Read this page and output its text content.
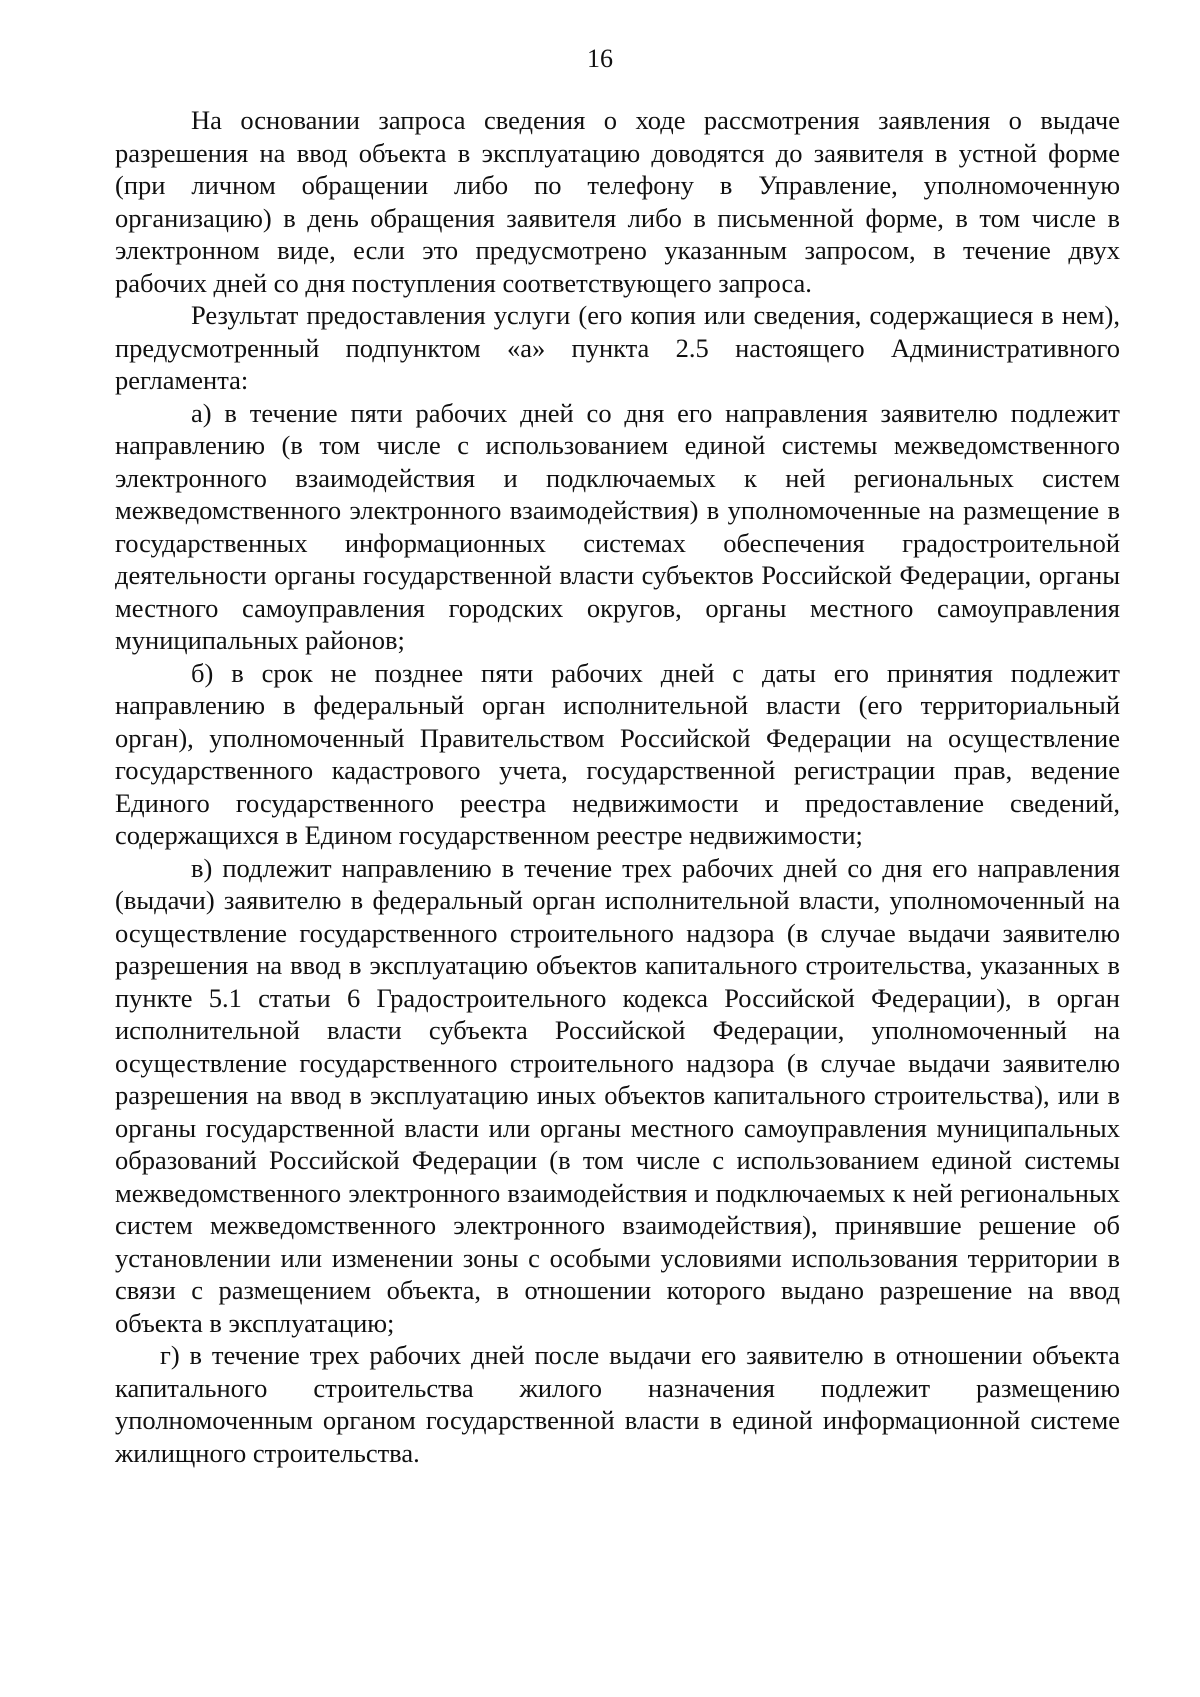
16

На основании запроса сведения о ходе рассмотрения заявления о выдаче разрешения на ввод объекта в эксплуатацию доводятся до заявителя в устной форме (при личном обращении либо по телефону в Управление, уполномоченную организацию) в день обращения заявителя либо в письменной форме, в том числе в электронном виде, если это предусмотрено указанным запросом, в течение двух рабочих дней со дня поступления соответствующего запроса.

Результат предоставления услуги (его копия или сведения, содержащиеся в нем), предусмотренный подпунктом «а» пункта 2.5 настоящего Административного регламента:

а) в течение пяти рабочих дней со дня его направления заявителю подлежит направлению (в том числе с использованием единой системы межведомственного электронного взаимодействия и подключаемых к ней региональных систем межведомственного электронного взаимодействия) в уполномоченные на размещение в государственных информационных системах обеспечения градостроительной деятельности органы государственной власти субъектов Российской Федерации, органы местного самоуправления городских округов, органы местного самоуправления муниципальных районов;

б) в срок не позднее пяти рабочих дней с даты его принятия подлежит направлению в федеральный орган исполнительной власти (его территориальный орган), уполномоченный Правительством Российской Федерации на осуществление государственного кадастрового учета, государственной регистрации прав, ведение Единого государственного реестра недвижимости и предоставление сведений, содержащихся в Едином государственном реестре недвижимости;

в) подлежит направлению в течение трех рабочих дней со дня его направления (выдачи) заявителю в федеральный орган исполнительной власти, уполномоченный на осуществление государственного строительного надзора (в случае выдачи заявителю разрешения на ввод в эксплуатацию объектов капитального строительства, указанных в пункте 5.1 статьи 6 Градостроительного кодекса Российской Федерации), в орган исполнительной власти субъекта Российской Федерации, уполномоченный на осуществление государственного строительного надзора (в случае выдачи заявителю разрешения на ввод в эксплуатацию иных объектов капитального строительства), или в органы государственной власти или органы местного самоуправления муниципальных образований Российской Федерации (в том числе с использованием единой системы межведомственного электронного взаимодействия и подключаемых к ней региональных систем межведомственного электронного взаимодействия), принявшие решение об установлении или изменении зоны с особыми условиями использования территории в связи с размещением объекта, в отношении которого выдано разрешение на ввод объекта в эксплуатацию;

г) в течение трех рабочих дней после выдачи его заявителю в отношении объекта капитального строительства жилого назначения подлежит размещению уполномоченным органом государственной власти в единой информационной системе жилищного строительства.
